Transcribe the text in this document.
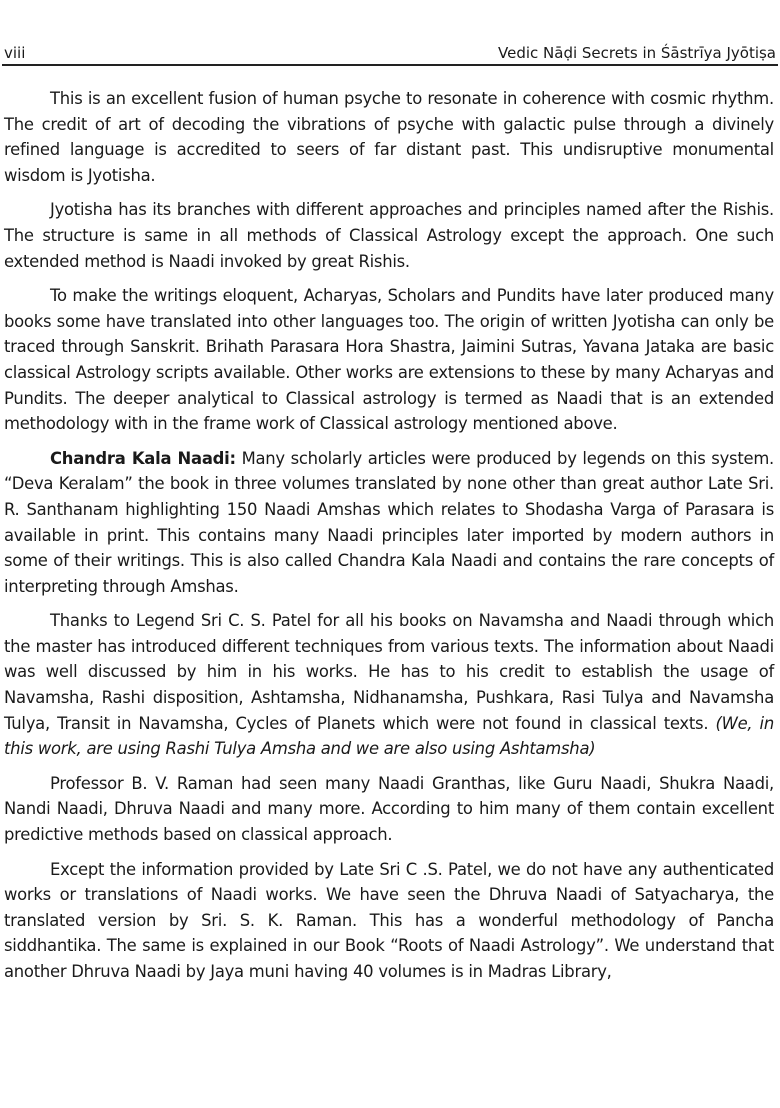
viii	Vedic Nāḍi Secrets in Śāstrīya Jyōtiṣa

This is an excellent fusion of human psyche to resonate in coherence with cosmic rhythm. The credit of art of decoding the vibrations of psyche with galactic pulse through a divinely refined language is accredited to seers of far distant past. This undisruptive monumental wisdom is Jyotisha.

Jyotisha has its branches with different approaches and principles named after the Rishis. The structure is same in all methods of Classical Astrology except the approach. One such extended method is Naadi invoked by great Rishis.

To make the writings eloquent, Acharyas, Scholars and Pundits have later produced many books some have translated into other languages too. The origin of written Jyotisha can only be traced through Sanskrit. Brihath Parasara Hora Shastra, Jaimini Sutras, Yavana Jataka are basic classical Astrology scripts available. Other works are extensions to these by many Acharyas and Pundits. The deeper analytical to Classical astrology is termed as Naadi that is an extended methodology with in the frame work of Classical astrology mentioned above.

Chandra Kala Naadi: Many scholarly articles were produced by legends on this system. “Deva Keralam” the book in three volumes translated by none other than great author Late Sri. R. Santhanam highlighting 150 Naadi Amshas which relates to Shodasha Varga of Parasara is available in print. This contains many Naadi principles later imported by modern authors in some of their writings. This is also called Chandra Kala Naadi and contains the rare concepts of interpreting through Amshas.

Thanks to Legend Sri C. S. Patel for all his books on Navamsha and Naadi through which the master has introduced different techniques from various texts. The information about Naadi was well discussed by him in his works. He has to his credit to establish the usage of Navamsha, Rashi disposition, Ashtamsha, Nidhanamsha, Pushkara, Rasi Tulya and Navamsha Tulya, Transit in Navamsha, Cycles of Planets which were not found in classical texts. (We, in this work, are using Rashi Tulya Amsha and we are also using Ashtamsha)

Professor B. V. Raman had seen many Naadi Granthas, like Guru Naadi, Shukra Naadi, Nandi Naadi, Dhruva Naadi and many more. According to him many of them contain excellent predictive methods based on classical approach.

Except the information provided by Late Sri C .S. Patel, we do not have any authenticated works or translations of Naadi works. We have seen the Dhruva Naadi of Satyacharya, the translated version by Sri. S. K. Raman. This has a wonderful methodology of Pancha siddhantika. The same is explained in our Book “Roots of Naadi Astrology”. We understand that another Dhruva Naadi by Jaya muni having 40 volumes is in Madras Library,
